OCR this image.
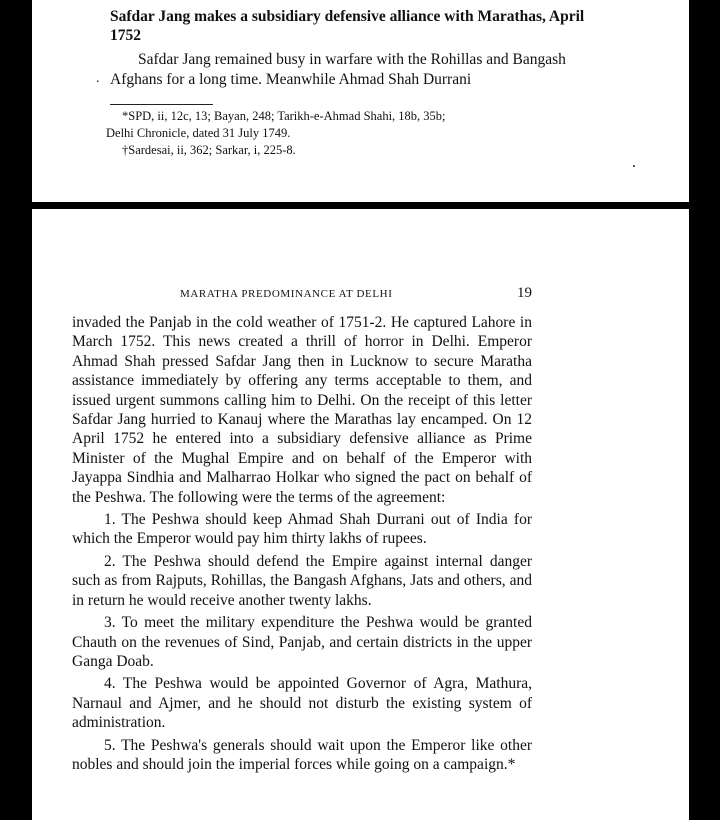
Safdar Jang makes a subsidiary defensive alliance with Marathas, April 1752

.

Safdar Jang remained busy in warfare with the Rohillas and Bangash Afghans for a long time. Meanwhile Ahmad Shah Durrani

*SPD, ii, 12c, 13; Bayan, 248; Tarikh-e-Ahmad Shahi, 18b, 35b;
Delhi Chronicle, dated 31 July 1749.
†Sardesai, ii, 362; Sarkar, i, 225-8.
MARATHA PREDOMINANCE AT DELHI	19

invaded the Panjab in the cold weather of 1751-2. He captured Lahore in March 1752. This news created a thrill of horror in Delhi. Emperor Ahmad Shah pressed Safdar Jang then in Lucknow to secure Maratha assistance immediately by offering any terms acceptable to them, and issued urgent summons calling him to Delhi. On the receipt of this letter Safdar Jang hurried to Kanauj where the Marathas lay encamped. On 12 April 1752 he entered into a subsidiary defensive alliance as Prime Minister of the Mughal Empire and on behalf of the Emperor with Jayappa Sindhia and Malharrao Holkar who signed the pact on behalf of the Peshwa. The following were the terms of the agreement:

1. The Peshwa should keep Ahmad Shah Durrani out of India for which the Emperor would pay him thirty lakhs of rupees.

2. The Peshwa should defend the Empire against internal danger such as from Rajputs, Rohillas, the Bangash Afghans, Jats and others, and in return he would receive another twenty lakhs.

3. To meet the military expenditure the Peshwa would be granted Chauth on the revenues of Sind, Panjab, and certain districts in the upper Ganga Doab.

4. The Peshwa would be appointed Governor of Agra, Mathura, Narnaul and Ajmer, and he should not disturb the existing system of administration.

5. The Peshwa's generals should wait upon the Emperor like other nobles and should join the imperial forces while going on a campaign.*
